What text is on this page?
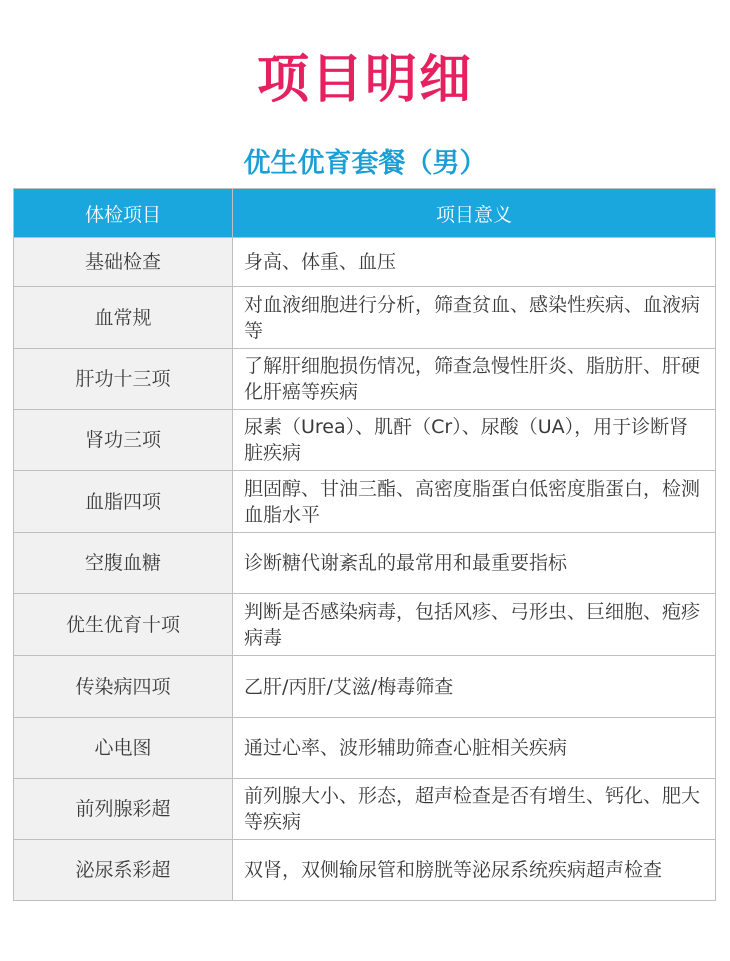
项目明细
优生优育套餐（男）
体检项目	项目意义
基础检查	身高、体重、血压
血常规	对血液细胞进行分析，筛查贫血、感染性疾病、血液病等
肝功十三项	了解肝细胞损伤情况，筛查急慢性肝炎、脂肪肝、肝硬化肝癌等疾病
肾功三项	尿素（Urea）、肌酐（Cr）、尿酸（UA），用于诊断肾脏疾病
血脂四项	胆固醇、甘油三酯、高密度脂蛋白低密度脂蛋白，检测血脂水平
空腹血糖	诊断糖代谢紊乱的最常用和最重要指标
优生优育十项	判断是否感染病毒，包括风疹、弓形虫、巨细胞、疱疹病毒
传染病四项	乙肝/丙肝/艾滋/梅毒筛查
心电图	通过心率、波形辅助筛查心脏相关疾病
前列腺彩超	前列腺大小、形态，超声检查是否有增生、钙化、肥大等疾病
泌尿系彩超	双肾，双侧输尿管和膀胱等泌尿系统疾病超声检查
